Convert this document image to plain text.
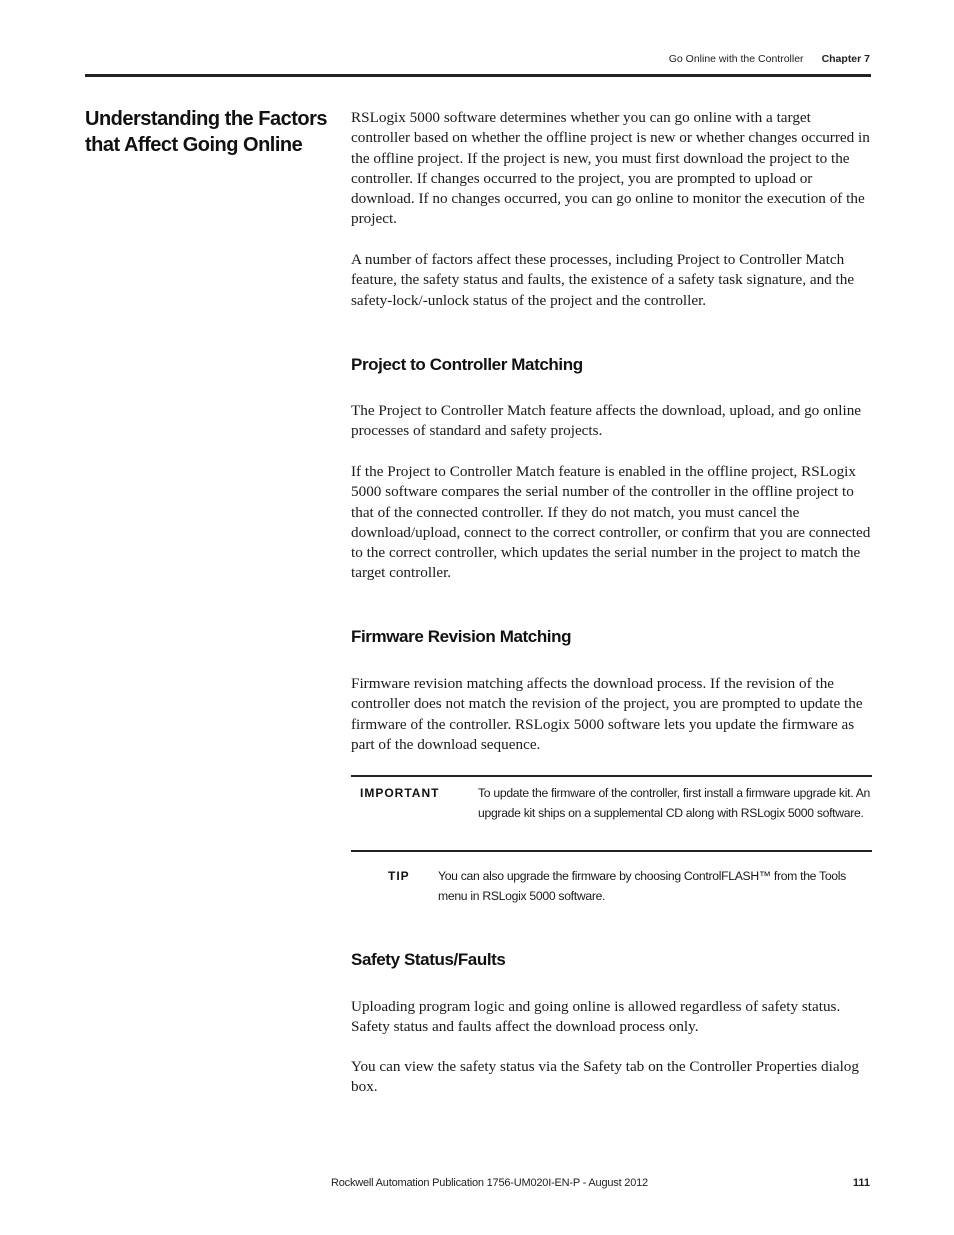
Go Online with the Controller Chapter 7
Understanding the Factors that Affect Going Online

RSLogix 5000 software determines whether you can go online with a target controller based on whether the offline project is new or whether changes occurred in the offline project. If the project is new, you must first download the project to the controller. If changes occurred to the project, you are prompted to upload or download. If no changes occurred, you can go online to monitor the execution of the project.

A number of factors affect these processes, including Project to Controller Match feature, the safety status and faults, the existence of a safety task signature, and the safety-lock/-unlock status of the project and the controller.

Project to Controller Matching

The Project to Controller Match feature affects the download, upload, and go online processes of standard and safety projects.

If the Project to Controller Match feature is enabled in the offline project, RSLogix 5000 software compares the serial number of the controller in the offline project to that of the connected controller. If they do not match, you must cancel the download/upload, connect to the correct controller, or confirm that you are connected to the correct controller, which updates the serial number in the project to match the target controller.

Firmware Revision Matching

Firmware revision matching affects the download process. If the revision of the controller does not match the revision of the project, you are prompted to update the firmware of the controller. RSLogix 5000 software lets you update the firmware as part of the download sequence.

IMPORTANT	To update the firmware of the controller, first install a firmware upgrade kit. An upgrade kit ships on a supplemental CD along with RSLogix 5000 software.
TIP You can also upgrade the firmware by choosing ControlFLASH™ from the Tools menu in RSLogix 5000 software.
Safety Status/Faults

Uploading program logic and going online is allowed regardless of safety status. Safety status and faults affect the download process only.

You can view the safety status via the Safety tab on the Controller Properties dialog box.

Rockwell Automation Publication 1756-UM020I-EN-P - August 2012	111
